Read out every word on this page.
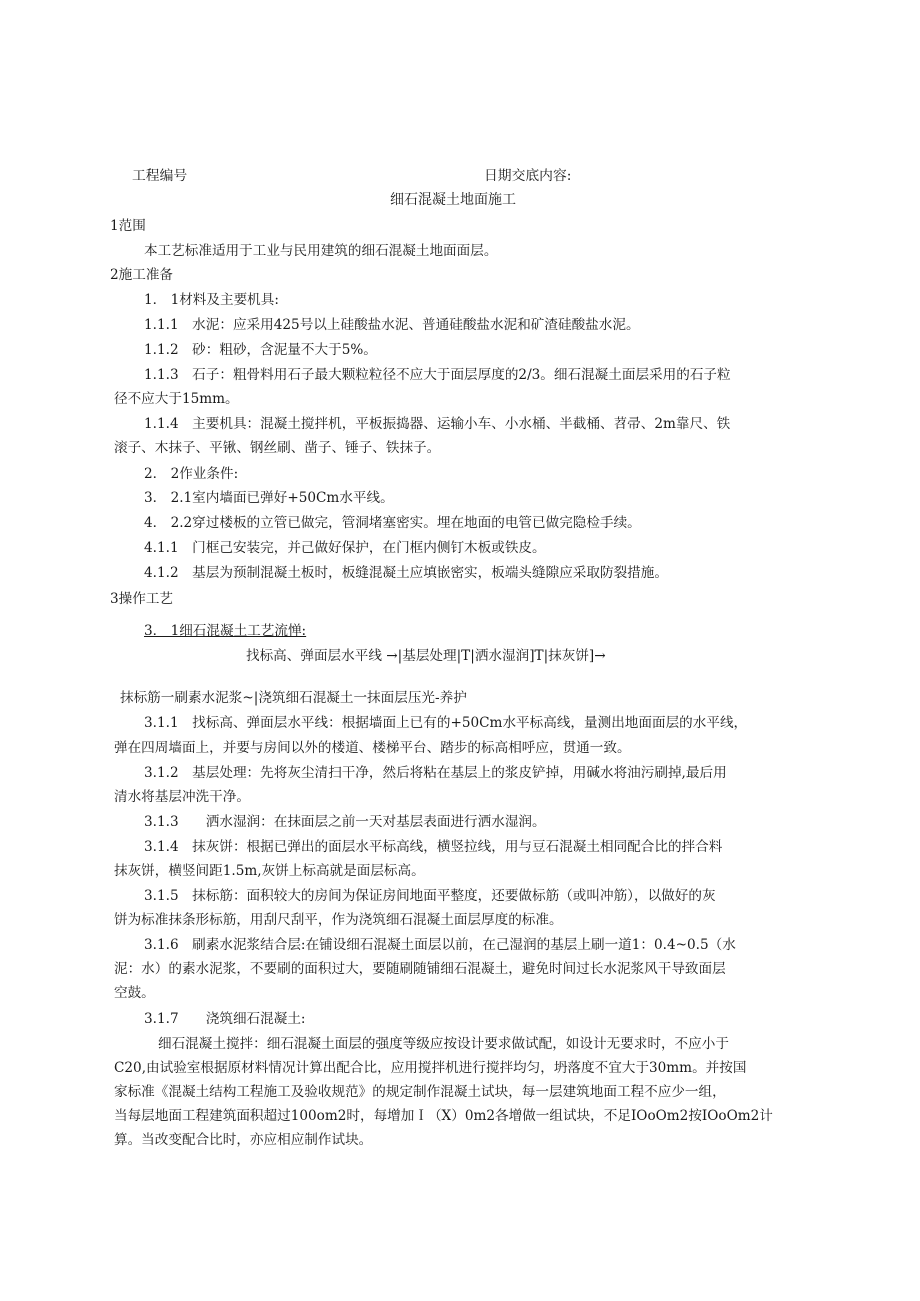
工程编号	日期交底内容:
细石混凝土地面施工
1范围
本工艺标准适用于工业与民用建筑的细石混凝土地面面层。
2施工准备
1． 1材料及主要机具:
1.1.1　水泥：应采用425号以上硅酸盐水泥、普通硅酸盐水泥和矿渣硅酸盐水泥。
1.1.2　砂：粗砂，含泥量不大于5%。
1.1.3　石子：粗骨料用石子最大颗粒粒径不应大于面层厚度的2/3。细石混凝土面层采用的石子粒
径不应大于15mm。
1.1.4　主要机具：混凝土搅拌机，平板振捣器、运输小车、小水桶、半截桶、苕帚、2m靠尺、铁
滚子、木抹子、平锹、钢丝刷、凿子、锤子、铁抹子。
2． 2作业条件:
3． 2.1室内墙面已弹好+50Cm水平线。
4． 2.2穿过楼板的立管已做完，管洞堵塞密实。埋在地面的电管已做完隐检手续。
4.1.1　门框己安装完，并己做好保护，在门框内侧钉木板或铁皮。
4.1.2　基层为预制混凝土板时，板缝混凝土应填嵌密实，板端头缝隙应采取防裂措施。
3操作工艺
3． 1细石混凝土工艺流惮:
找标高、弹面层水平线 →|基层处理|T|洒水湿润]T|抹灰饼]→
抹标筋一刷素水泥浆~|浇筑细石混凝土一抹面层压光-养护
3.1.1　找标高、弹面层水平线：根据墙面上已有的+50Cm水平标高线，量测出地面面层的水平线，
弹在四周墙面上，并要与房间以外的楼道、楼梯平台、踏步的标高相呼应，贯通一致。
3.1.2　基层处理：先将灰尘清扫干净，然后将粘在基层上的浆皮铲掉，用碱水将油污刷掉,最后用
清水将基层冲洗干净。
3.1.3　　洒水湿润：在抹面层之前一天对基层表面进行洒水湿润。
3.1.4　抹灰饼：根据已弹出的面层水平标高线，横竖拉线，用与豆石混凝土相同配合比的拌合料
抹灰饼，横竖间距1.5m,灰饼上标高就是面层标高。
3.1.5　抹标筋：面积较大的房间为保证房间地面平整度，还要做标筋（或叫冲筋），以做好的灰
饼为标准抹条形标筋，用刮尺刮平，作为浇筑细石混凝土面层厚度的标准。
3.1.6　刷素水泥浆结合层:在铺设细石混凝土面层以前，在己湿润的基层上刷一道1：0.4~0.5（水
泥：水）的素水泥浆，不要刷的面积过大，要随刷随铺细石混凝土，避免时间过长水泥浆风干导致面层
空鼓。
3.1.7　　浇筑细石混凝土:
细石混凝土搅拌：细石混凝土面层的强度等级应按设计要求做试配，如设计无要求时，不应小于
C20,由试验室根据原材料情况计算出配合比，应用搅拌机进行搅拌均匀，坍落度不宜大于30mm。并按国
家标准《混凝土结构工程施工及验收规范》的规定制作混凝土试块，每一层建筑地面工程不应少一组，
当每层地面工程建筑面积超过100om2时，每增加Ｉ（X）0m2各增做一组试块，不足IOoOm2按IOoOm2计
算。当改变配合比时，亦应相应制作试块。
